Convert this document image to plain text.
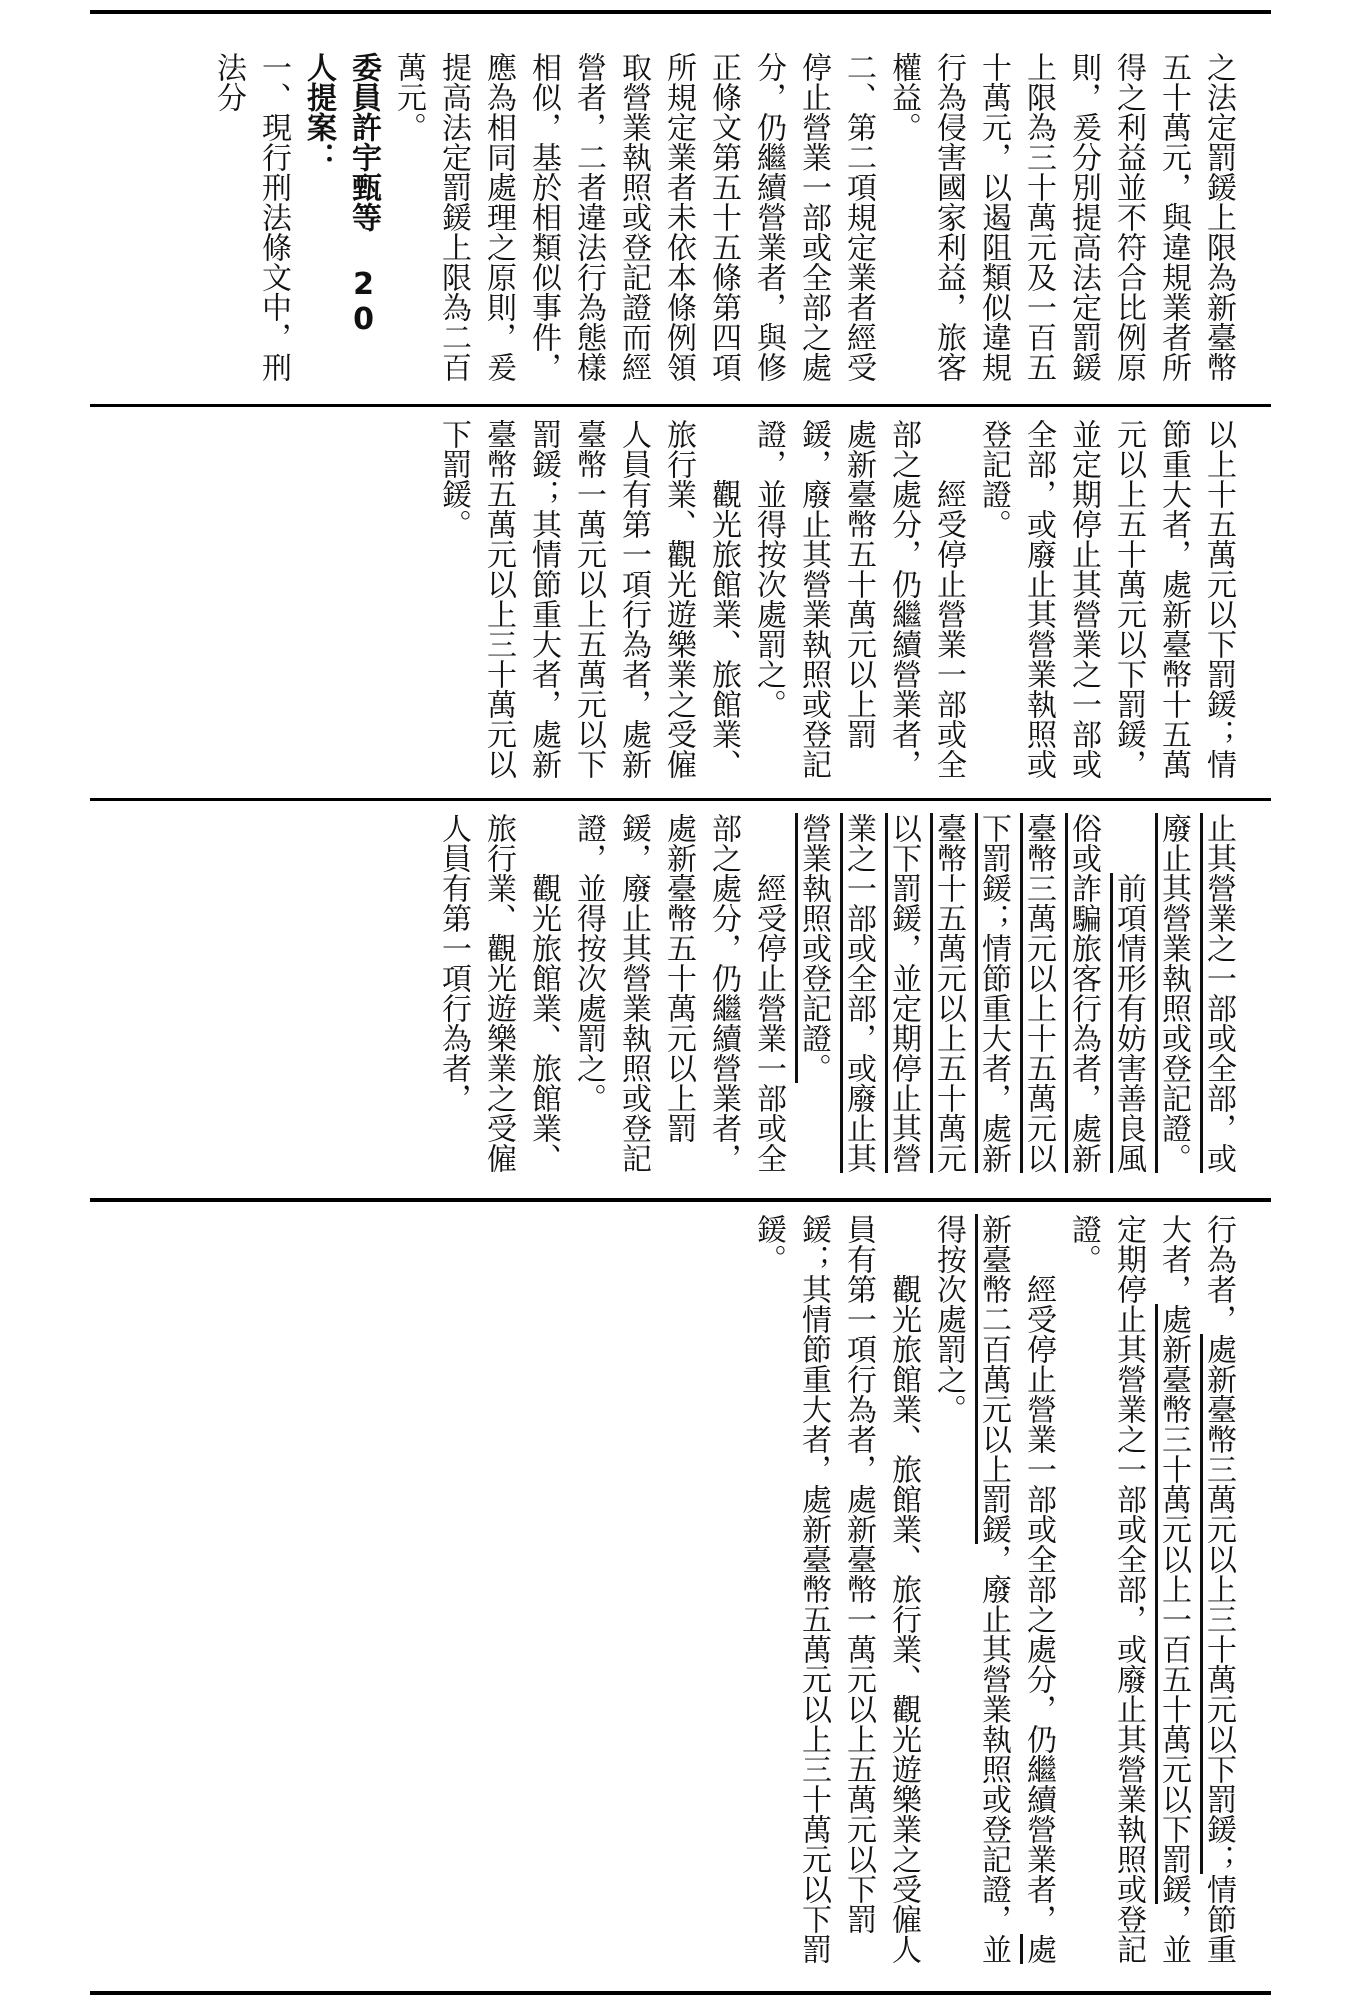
之法定罰鍰上限為新臺幣五十萬元，與違規業者所得之利益並不符合比例原則，爰分別提高法定罰鍰上限為三十萬元及一百五十萬元，以遏阻類似違規行為侵害國家利益，旅客權益。

二、第二項規定業者經受停止營業一部或全部之處分，仍繼續營業者，與修正條文第五十五條第四項所規定業者未依本條例領取營業執照或登記證而經營者，二者違法行為態樣相似，基於相類似事件，應為相同處理之原則，爰提高法定罰鍰上限為二百萬元。

委員許宇甄等 20 人提案：

一、現行刑法條文中，刑法分

以上十五萬元以下罰鍰；情節重大者，處新臺幣十五萬元以上五十萬元以下罰鍰，並定期停止其營業之一部或全部，或廢止其營業執照或登記證。

經受停止營業一部或全部之處分，仍繼續營業者，處新臺幣五十萬元以上罰鍰，廢止其營業執照或登記證，並得按次處罰之。

觀光旅館業、旅館業、旅行業、觀光遊樂業之受僱人員有第一項行為者，處新臺幣一萬元以上五萬元以下罰鍰；其情節重大者，處新臺幣五萬元以上三十萬元以下罰鍰。

止其營業之一部或全部，或廢止其營業執照或登記證。

前項情形有妨害善良風俗或詐騙旅客行為者，處新臺幣三萬元以上十五萬元以下罰鍰；情節重大者，處新臺幣十五萬元以上五十萬元以下罰鍰，並定期停止其營業之一部或全部，或廢止其營業執照或登記證。

經受停止營業一部或全部之處分，仍繼續營業者，處新臺幣五十萬元以上罰鍰，廢止其營業執照或登記證，並得按次處罰之。

觀光旅館業、旅館業、旅行業、觀光遊樂業之受僱人員有第一項行為者，

行為者，處新臺幣三萬元以上三十萬元以下罰鍰；情節重大者，處新臺幣三十萬元以上一百五十萬元以下罰鍰，並定期停止其營業之一部或全部，或廢止其營業執照或登記證。

經受停止營業一部或全部之處分，仍繼續營業者，處新臺幣二百萬元以上罰鍰，廢止其營業執照或登記證，並得按次處罰之。

觀光旅館業、旅館業、旅行業、觀光遊樂業之受僱人員有第一項行為者，處新臺幣一萬元以上五萬元以下罰鍰；其情節重大者，處新臺幣五萬元以上三十萬元以下罰鍰。
